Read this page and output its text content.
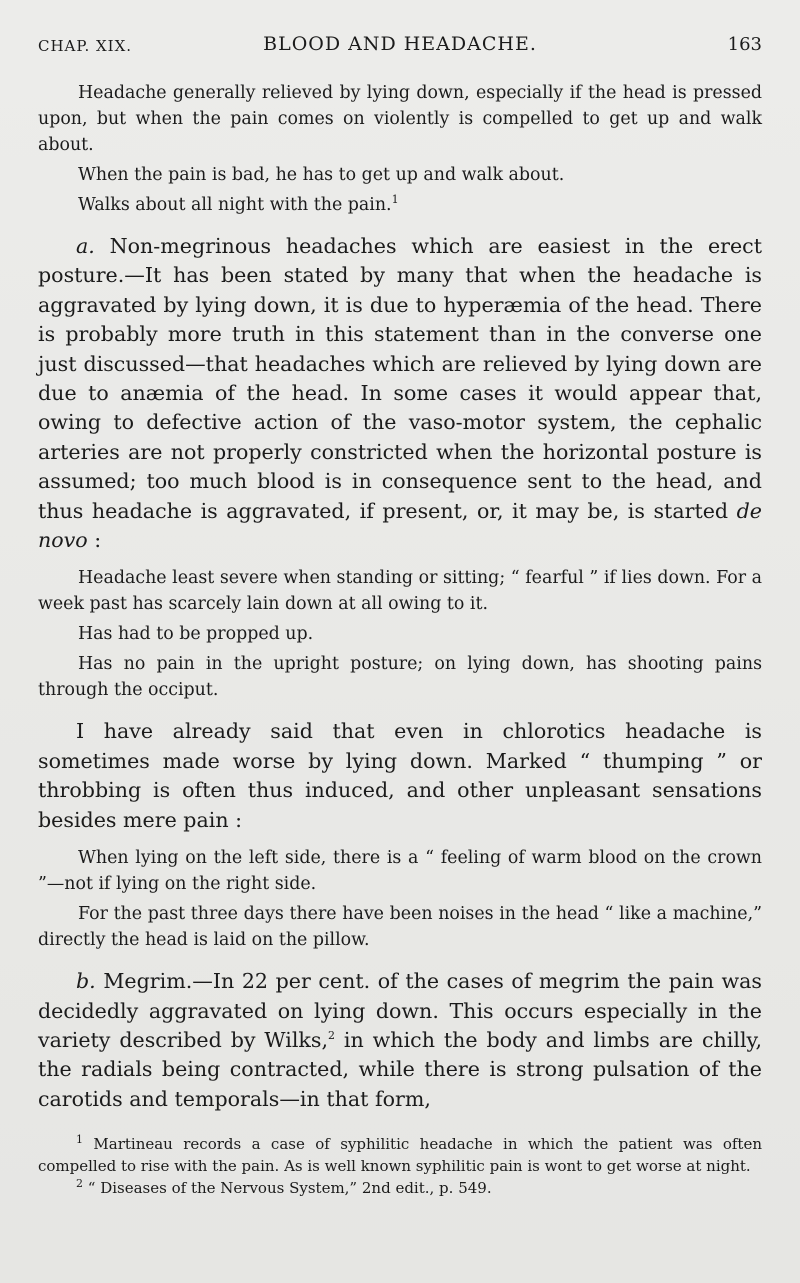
CHAP. XIX.	BLOOD AND HEADACHE.	163

Headache generally relieved by lying down, especially if the head is pressed upon, but when the pain comes on violently is compelled to get up and walk about.

When the pain is bad, he has to get up and walk about.

Walks about all night with the pain.$^1$

a. Non-megrinous headaches which are easiest in the erect posture.—It has been stated by many that when the headache is aggravated by lying down, it is due to hyperæmia of the head. There is probably more truth in this statement than in the converse one just discussed—that headaches which are relieved by lying down are due to anæmia of the head. In some cases it would appear that, owing to defective action of the vaso-motor system, the cephalic arteries are not properly constricted when the horizontal posture is assumed; too much blood is in consequence sent to the head, and thus headache is aggravated, if present, or, it may be, is started de novo :

Headache least severe when standing or sitting; “ fearful ” if lies down. For a week past has scarcely lain down at all owing to it.

Has had to be propped up.

Has no pain in the upright posture; on lying down, has shooting pains through the occiput.

I have already said that even in chlorotics headache is sometimes made worse by lying down. Marked “ thumping ” or throbbing is often thus induced, and other unpleasant sensations besides mere pain :

When lying on the left side, there is a “ feeling of warm blood on the crown ”—not if lying on the right side.

For the past three days there have been noises in the head “ like a machine,” directly the head is laid on the pillow.

b. Megrim.—In 22 per cent. of the cases of megrim the pain was decidedly aggravated on lying down. This occurs especially in the variety described by Wilks,$^2$ in which the body and limbs are chilly, the radials being contracted, while there is strong pulsation of the carotids and temporals—in that form,

$^1$ Martineau records a case of syphilitic headache in which the patient was often compelled to rise with the pain. As is well known syphilitic pain is wont to get worse at night.

$^2$ “ Diseases of the Nervous System,” 2nd edit., p. 549.
